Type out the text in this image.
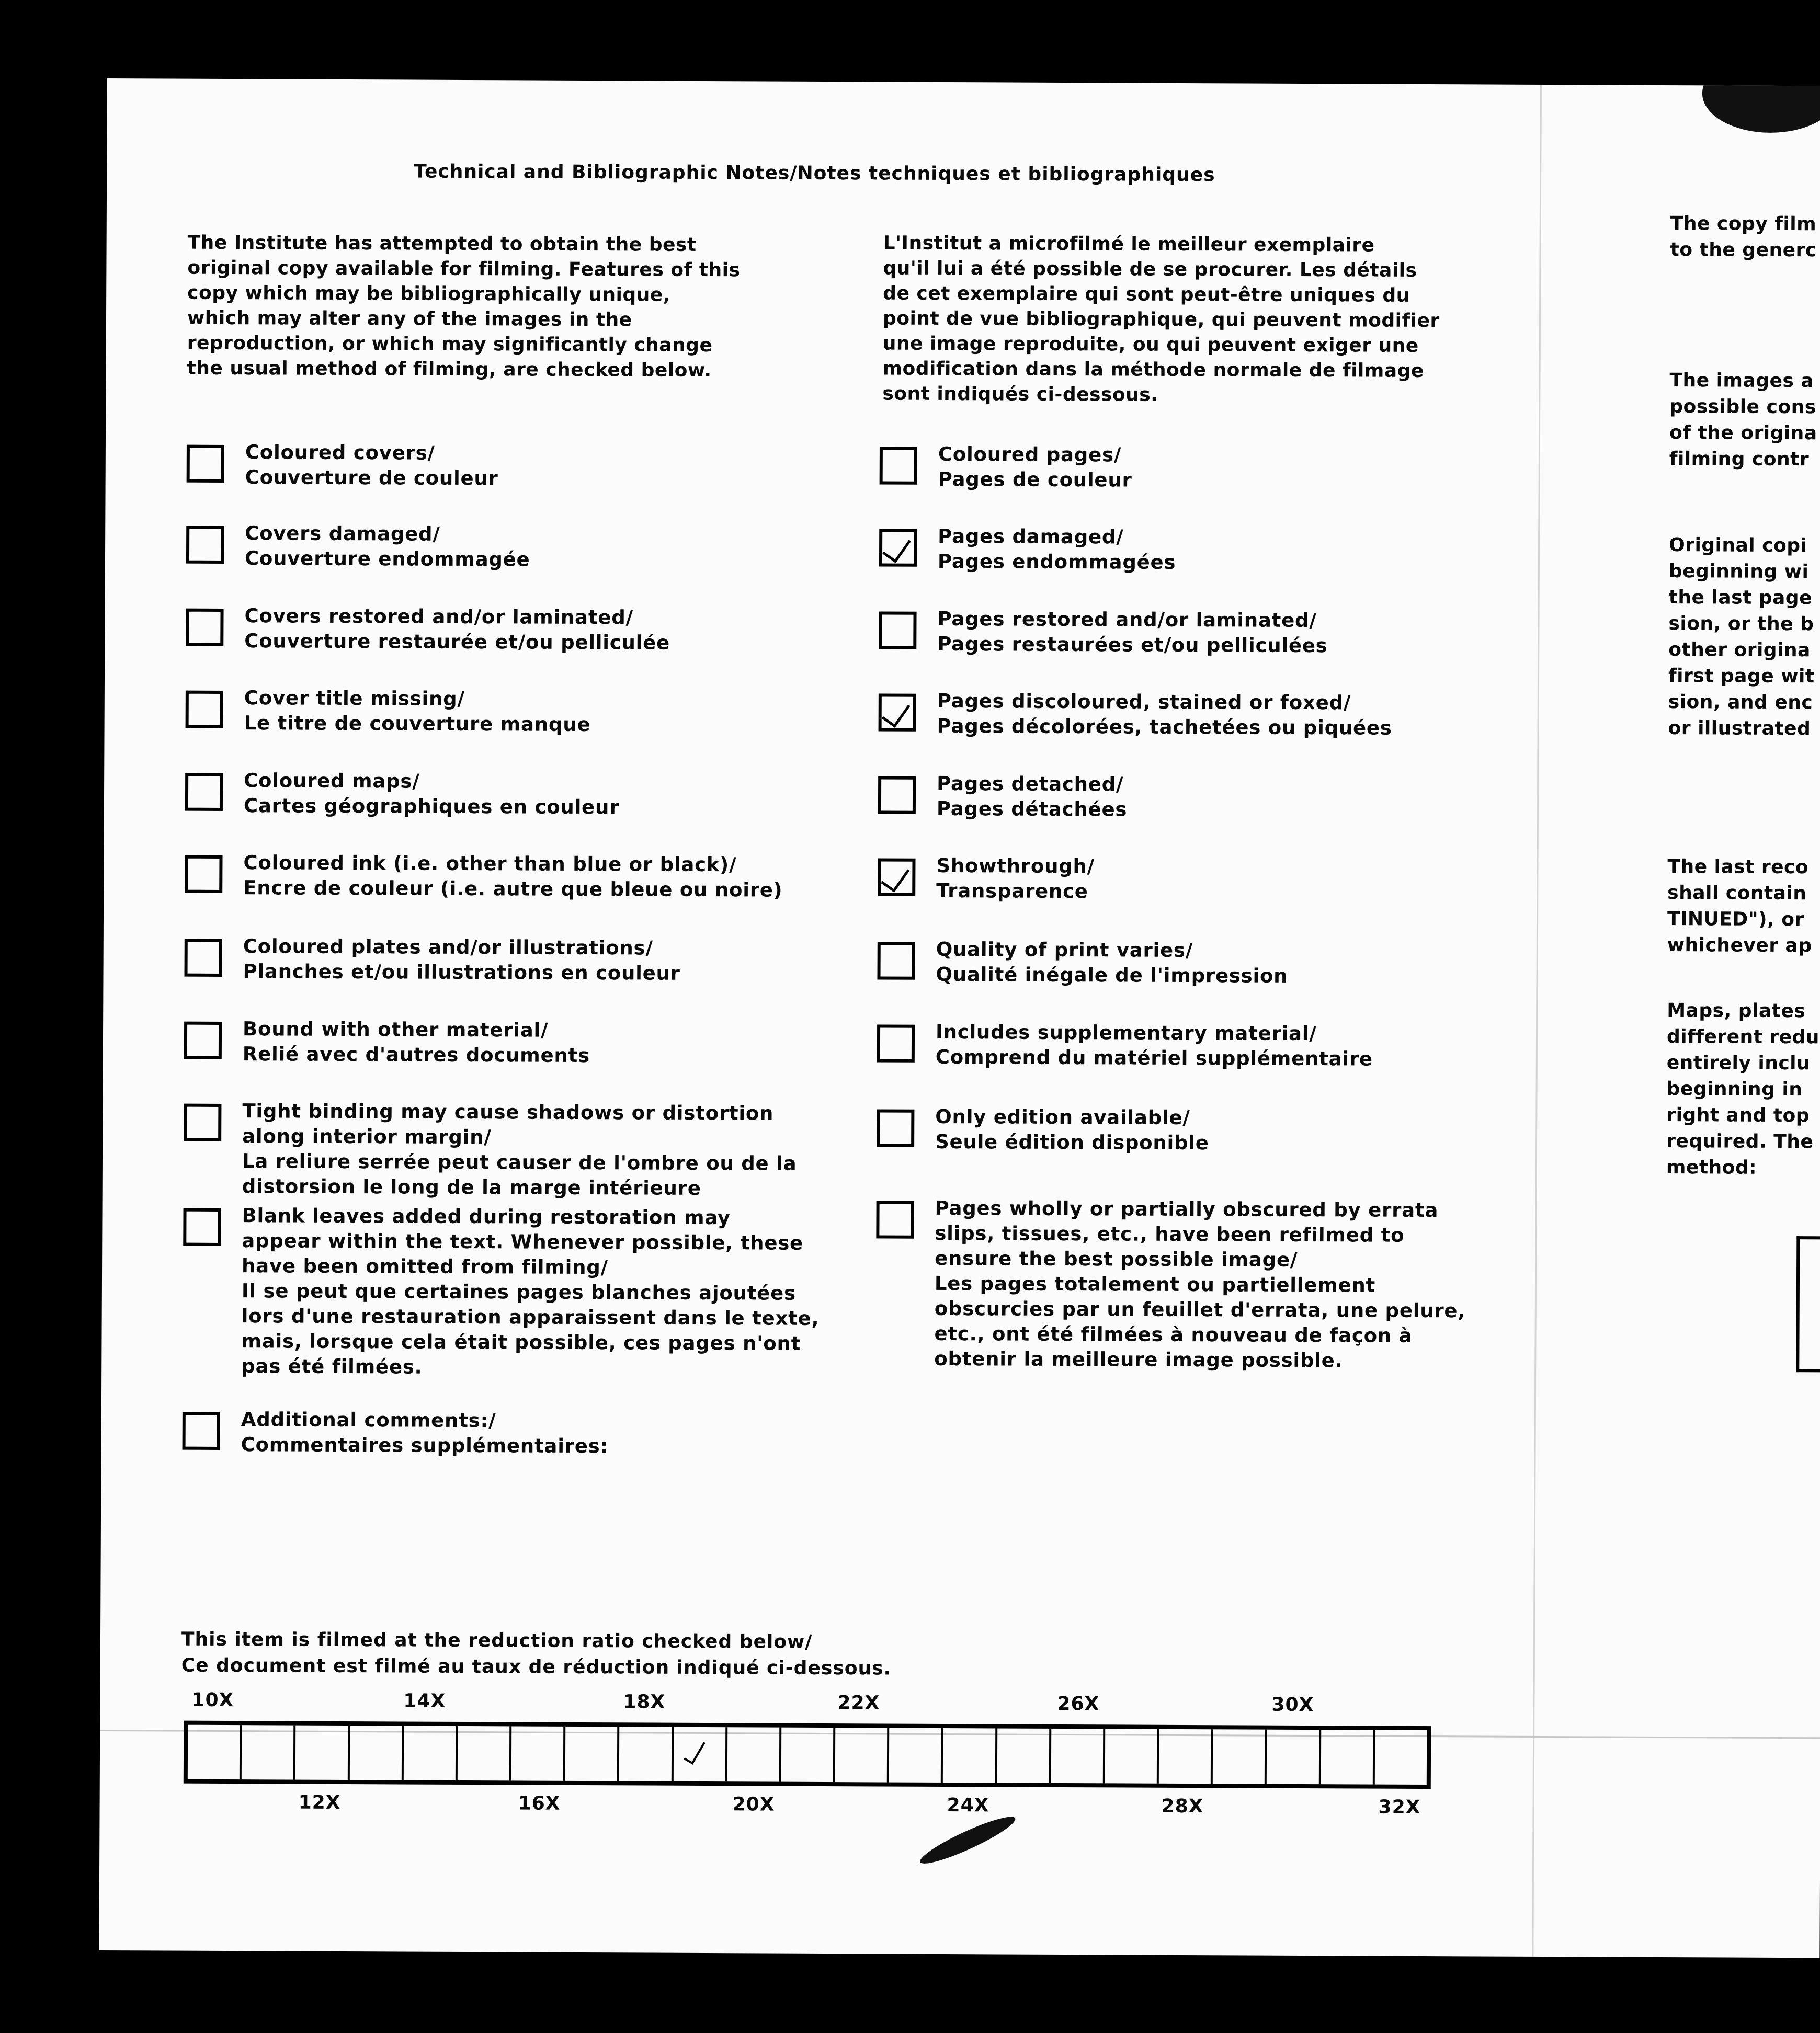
Technical and Bibliographic Notes/Notes techniques et bibliographiques
The Institute has attempted to obtain the best
original copy available for filming. Features of this
copy which may be bibliographically unique,
which may alter any of the images in the
reproduction, or which may significantly change
the usual method of filming, are checked below.
L'Institut a microfilmé le meilleur exemplaire
qu'il lui a été possible de se procurer. Les détails
de cet exemplaire qui sont peut-être uniques du
point de vue bibliographique, qui peuvent modifier
une image reproduite, ou qui peuvent exiger une
modification dans la méthode normale de filmage
sont indiqués ci-dessous.
Coloured covers/
Couverture de couleur
Covers damaged/
Couverture endommagée
Covers restored and/or laminated/
Couverture restaurée et/ou pelliculée
Cover title missing/
Le titre de couverture manque
Coloured maps/
Cartes géographiques en couleur
Coloured ink (i.e. other than blue or black)/
Encre de couleur (i.e. autre que bleue ou noire)
Coloured plates and/or illustrations/
Planches et/ou illustrations en couleur
Bound with other material/
Relié avec d'autres documents
Tight binding may cause shadows or distortion
along interior margin/
La reliure serrée peut causer de l'ombre ou de la
distorsion le long de la marge intérieure
Blank leaves added during restoration may
appear within the text. Whenever possible, these
have been omitted from filming/
Il se peut que certaines pages blanches ajoutées
lors d'une restauration apparaissent dans le texte,
mais, lorsque cela était possible, ces pages n'ont
pas été filmées.
Additional comments:/
Commentaires supplémentaires:
Coloured pages/
Pages de couleur
Pages damaged/
Pages endommagées
Pages restored and/or laminated/
Pages restaurées et/ou pelliculées
Pages discoloured, stained or foxed/
Pages décolorées, tachetées ou piquées
Pages detached/
Pages détachées
Showthrough/
Transparence
Quality of print varies/
Qualité inégale de l'impression
Includes supplementary material/
Comprend du matériel supplémentaire
Only edition available/
Seule édition disponible
Pages wholly or partially obscured by errata
slips, tissues, etc., have been refilmed to
ensure the best possible image/
Les pages totalement ou partiellement
obscurcies par un feuillet d'errata, une pelure,
etc., ont été filmées à nouveau de façon à
obtenir la meilleure image possible.
This item is filmed at the reduction ratio checked below/
Ce document est filmé au taux de réduction indiqué ci-dessous.
10X	14X	18X	22X	26X	30X
12X	16X	20X	24X	28X	32X
The copy film
to the generc
The images a
possible cons
of the origina
filming contr
Original copi
beginning wi
the last page
sion, or the b
other origina
first page wit
sion, and enc
or illustrated
The last reco
shall contain
TINUED"), or
whichever ap
Maps, plates
different redu
entirely inclu
beginning in
right and top
required. The
method:
